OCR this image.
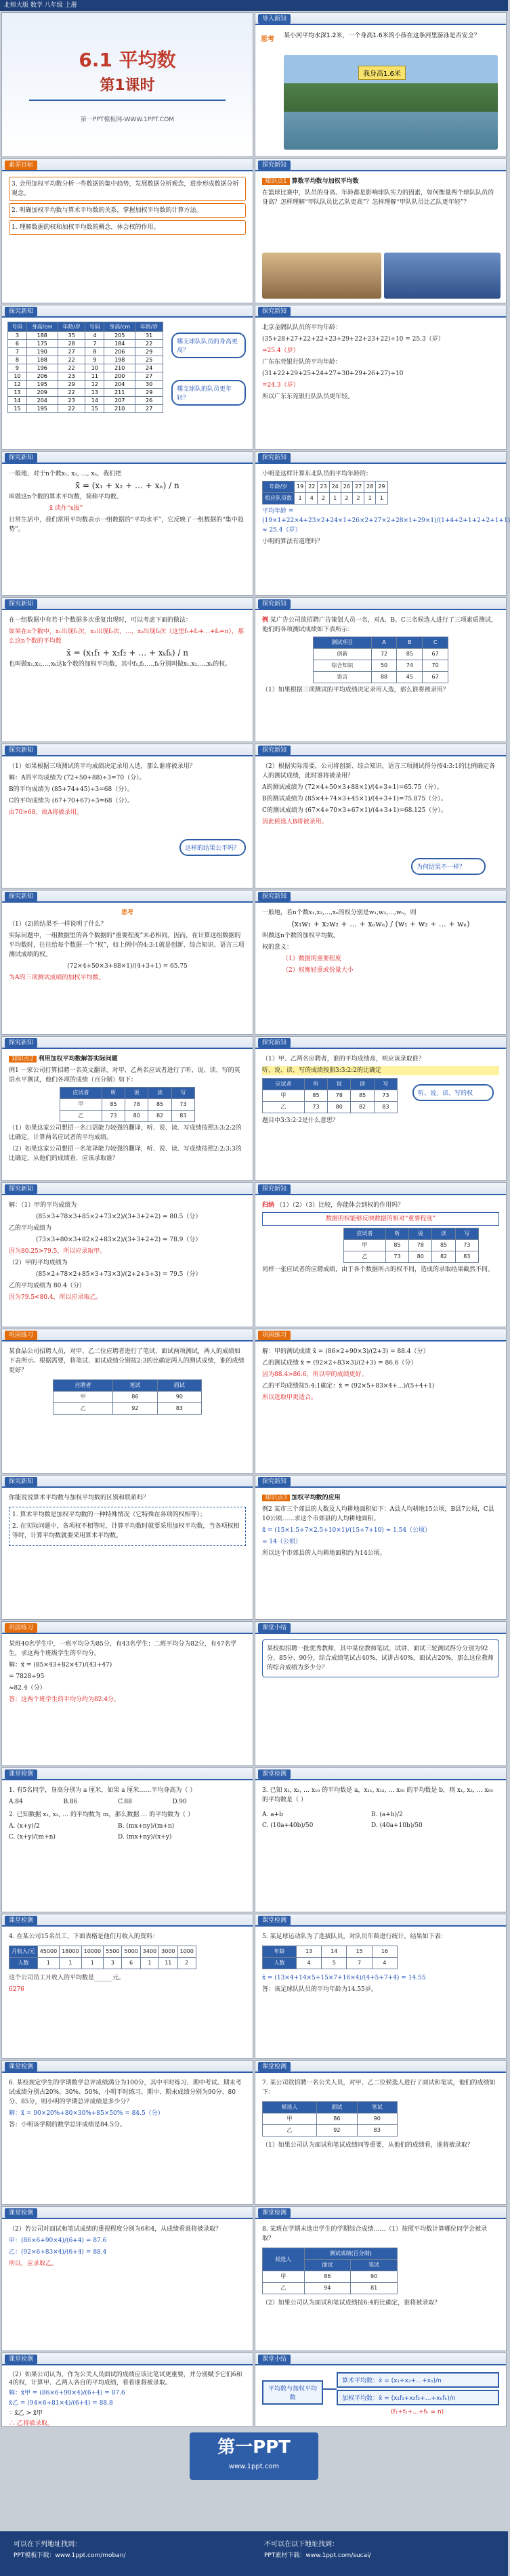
北师大版 数学 八年级 上册
6.1 平均数
第1课时
第一PPT模板网-WWW.1PPT.COM
导入新知
思考	某小河平均水深1.2米，一个身高1.6米的小孩在这条河里游泳是否安全？
我身高1.6米
素养目标

3. 会用加权平均数分析一些数据的集中趋势，发展数据分析观念，进步形成数据分析观念。

2. 明确加权平均数与算术平均数的关系，掌握加权平均数的计算方法。

1. 理解数据的权和加权平均数的概念，体会权的作用。

探究新知

知识点1 算数平均数与加权平均数

在篮球比赛中，队员的身高、年龄都是影响球队实力的因素，如何衡量两个球队队员的身高？怎样理解“甲队队员比乙队更高”？怎样理解“甲队队员比乙队更年轻”？

探究新知
号码	身高/cm	年龄/岁	号码	身高/cm	年龄/岁
3	188	35	4	205	31
6	175	28	7	184	22
7	190	27	8	206	29
8	188	22	9	198	25
9	196	22	10	210	24
10	206	23	11	200	27
12	195	29	12	204	30
13	209	22	13	211	29
14	204	23	14	207	26
15	195	22	15	210	27
哪支球队队员的身高更高？
哪支球队的队员更年轻？
探究新知

北京金隅队队员的平均年龄：

(35+28+27+22+22+23+29+22+23+22)÷10 = 25.3（岁）

=25.4（岁）

广东东莞银行队的平均年龄：

(31+22+29+25+24+27+30+29+26+27)÷10

=24.3（岁）

所以广东东莞银行队队员更年轻。

探究新知

一般地，对于n个数x₁, x₂, …, xₙ，我们把

x̄ = (x₁ + x₂ + … + xₙ) / n

叫做这n个数的算术平均数，简称平均数。

x̄ 读作“x拔”

日常生活中，我们常用平均数表示一组数据的“平均水平”，它反映了一组数据的“集中趋势”。

探究新知

小明是这样计算东北队员的平均年龄的：

年龄/岁	19	22	23	24	26	27	28	29
相应队员数	1	4	2	1	2	2	1	1

平均年龄 = (19×1+22×4+23×2+24×1+26×2+27×2+28×1+29×1)/(1+4+2+1+2+2+1+1) ≈ 25.4（岁）

小明的算法有道理吗？

探究新知

在一组数据中有若干个数据多次重复出现时，可以考虑下面的做法：

如果在n个数中，x₁出现f₁次，x₂出现f₂次，…，xₖ出现fₖ次（这里f₁+f₂+…+fₖ=n），那么这n个数的平均数

x̄ = (x₁f₁ + x₂f₂ + … + xₖfₖ) / n

也叫做x₁,x₂,…,xₖ这k个数的加权平均数，其中f₁,f₂,…,fₖ分别叫做x₁,x₂,…,xₖ的权。

探究新知

例 某广告公司欲招聘广告策划人员一名，对A、B、C三名候选人进行了三项素质测试，他们的各项测试成绩如下表所示：

测试项目	A	B	C
创新	72	85	67
综合知识	50	74	70
语言	88	45	67

（1）如果根据三项测试的平均成绩决定录用人选，那么谁将被录用？

探究新知

（1）如果根据三项测试的平均成绩决定录用人选，那么谁将被录用？

解：A的平均成绩为 (72+50+88)÷3=70（分）。

B的平均成绩为 (85+74+45)÷3=68（分）。

C的平均成绩为 (67+70+67)÷3=68（分）。

由70>68，故A将被录用。

这样的结果公平吗？
探究新知

（2）根据实际需要，公司将创新、综合知识、语言三项测试得分按4:3:1的比例确定各人的测试成绩，此时谁将被录用？

A的测试成绩为 (72×4+50×3+88×1)/(4+3+1)=65.75（分）。

B的测试成绩为 (85×4+74×3+45×1)/(4+3+1)=75.875（分）。

C的测试成绩为 (67×4+70×3+67×1)/(4+3+1)=68.125（分）。

因此候选人B将被录用。

为何结果不一样？
探究新知

思考

（1）(2)的结果不一样说明了什么？

实际问题中，一组数据里的各个数据的“重要程度”未必相同。因而，在计算这组数据的平均数时，往往给每个数据一个“权”，如上例中的4:3:1就是创新、综合知识、语言三项测试成绩的权。

(72×4+50×3+88×1)/(4+3+1) = 65.75

为A的三项测试成绩的加权平均数。

探究新知

一般地，若n个数x₁,x₂,…,xₙ的权分别是w₁,w₂,…,wₙ，则

(x₁w₁ + x₂w₂ + … + xₙwₙ) / (w₁ + w₂ + … + wₙ)

叫做这n个数的加权平均数。

权的意义：

（1）数据的重要程度

（2）权衡轻重或份量大小

探究新知

知识点2 利用加权平均数解答实际问题

例1 一家公司打算招聘一名英文翻译，对甲、乙两名应试者进行了听、说、读、写的英语水平测试，他们各项的成绩（百分制）如下：

应试者	听	说	读	写
甲	85	78	85	73
乙	73	80	82	83

（1）如果这家公司想招一名口语能力较强的翻译，听、说、读、写成绩按照3:3:2:2的比确定，计算两名应试者的平均成绩。

（2）如果这家公司想招一名笔译能力较强的翻译，听、说、读、写成绩按照2:2:3:3的比确定，从他们的成绩看，应该录取谁？

探究新知

（1）甲、乙两名应聘者，谁的平均成绩高，则应该录取谁？

听、说、读、写的成绩按照3:3:2:2的比确定

应试者	听	说	读	写
甲	85	78	85	73
乙	73	80	82	83

题目中3:3:2:2是什么意思？

听、说、读、写的权
探究新知

解：（1）甲的平均成绩为

(85×3+78×3+85×2+73×2)/(3+3+2+2) = 80.5（分）

乙的平均成绩为

(73×3+80×3+82×2+83×2)/(3+3+2+2) = 78.9（分）

因为80.25>79.5，所以应录取甲。

（2）甲的平均成绩为

(85×2+78×2+85×3+73×3)/(2+2+3+3) = 79.5（分）

乙的平均成绩为 80.4（分）

因为79.5<80.4，所以应录取乙。

探究新知

归纳 （1）（2）（3）比较，你能体会到权的作用吗？

数据的权能够反映数据的相对“重要程度”

应试者	听	说	读	写
甲	85	78	85	73
乙	73	80	82	83

同样一张应试者的应聘成绩，由于各个数据所占的权不同，造成的录取结果截然不同。

巩固练习

某食品公司招聘人员，对甲、乙二位应聘者进行了笔试、面试两项测试，两人的成绩如下表所示。根据需要，将笔试、面试成绩分别按2:3的比确定两人的测试成绩，谁的成绩更好？

应聘者	笔试	面试
甲	86	90
乙	92	83
巩固练习

解：甲的测试成绩 x̄ = (86×2+90×3)/(2+3) = 88.4（分）

乙的测试成绩 x̄ = (92×2+83×3)/(2+3) = 86.6（分）

因为88.4>86.6，所以甲的成绩更好。

乙的平均成绩按5:4:1确定：x̄ = (92×5+83×4+…)/(5+4+1)

所以选取甲更适合。

探究新知

你能说说算术平均数与加权平均数的区别和联系吗？

1. 算术平均数是加权平均数的一种特殊情况（它特殊在各项的权相等）；

2. 在实际问题中，各项权不相等时，计算平均数时就要采用加权平均数，当各项权相等时，计算平均数就要采用算术平均数。

探究新知

知识点3 加权平均数的应用

例2 某市三个郊县的人数及人均耕地面积如下：A县人均耕地15公顷，B县7公顷，C县10公顷……求这个市郊县的人均耕地面积。

x̄ = (15×1.5+7×2.5+10×1)/(15+7+10) ≈ 1.54（公顷）

≈ 14（公顷）

所以这个市郊县的人均耕地面积约为14公顷。

巩固练习

某班40名学生中，一班平均分为85分，有43名学生；二班平均分为82分，有47名学生，求这两个班级学生的平均分。

解：x̄ = (85×43+82×47)/(43+47)

= 7828÷95

≈82.4（分）

答：这两个班学生的平均分约为82.4分。

课堂小结

某校拟招聘一批优秀教师，其中某位教师笔试、试讲、面试三轮测试得分分别为92分、85分、90分，综合成绩笔试占40%，试讲占40%，面试占20%，那么这位教师的综合成绩为多少分？

课堂检测

1. 有5名同学，身高分别为 a 厘米，如果 a 厘米……平均身高为（ ）

A.84	B.86	C.88	D.90

2. 已知数据 x₁, x₂, … 的平均数为 m，那么数据 … 的平均数为（ ）

A. (x+y)/2	B. (mx+ny)/(m+n)C. (x+y)/(m+n)	D. (mx+ny)/(x+y)

课堂检测

3. 已知 x₁, x₂, … x₁₀ 的平均数是 a，x₁₁, x₁₂, … x₅₀ 的平均数是 b，则 x₁, x₂, … x₅₀ 的平均数是（ ）

A. a+b	B. (a+b)/2C. (10a+40b)/50	D. (40a+10b)/50

课堂检测

4. 在某公司15名员工，下面表格是他们月收入的资料：

月收入/元	45000	18000	10000	5500	5000	3400	3000	1000
人数	1	1	1	3	6	1	11	2

这个公司员工月收入的平均数是______元。

6276

课堂检测

5. 某足球运动队为了选拔队员，对队员年龄进行统计，结果如下表：

年龄	13	14	15	16
人数	4	5	7	4

x̄ = (13×4+14×5+15×7+16×4)/(4+5+7+4) = 14.55

答：该足球队队员的平均年龄为14.55岁。

课堂检测

6. 某校规定学生的学期数学总评成绩满分为100分，其中平时练习、期中考试、期末考试成绩分别占20%、30%、50%，小明平时练习、期中、期末成绩分别为90分、80分、85分，则小明的学期总评成绩是多少分？

解：x̄ = 90×20%+80×30%+85×50% = 84.5（分）

答：小明该学期的数学总评成绩是84.5分。

课堂检测

7. 某公司欲招聘一名公关人员，对甲、乙二位候选人进行了面试和笔试，他们的成绩如下：

候选人	面试	笔试
甲	86	90
乙	92	83

（1）如果公司认为面试和笔试成绩同等重要，从他们的成绩看，谁将被录取？

课堂检测

（2）若公司对面试和笔试成绩的重视程度分别为6和4，从成绩看谁将被录取？

甲：(86×6+90×4)/(6+4) = 87.6

乙：(92×6+83×4)/(6+4) = 88.4

所以，应录取乙。

课堂检测

8. 某班在学期末选出学生的学期综合成绩……（1）按照平均数计算哪位同学会被录取？

候选人	测试成绩(百分制)	
	面试	笔试
甲	86	90
乙	94	81

（2）如果公司认为面试和笔试成绩按6:4的比确定，谁将被录取？

课堂检测

（2）如果公司认为，作为公关人员面试的成绩应该比笔试更重要，并分别赋予它们6和4的权，计算甲、乙两人各自的平均成绩，看看谁将被录取。

解：x̄甲 = (86×6+90×4)/(6+4) = 87.6

x̄乙 = (94×6+81×4)/(6+4) = 88.8

∵ x̄乙 > x̄甲

∴ 乙将被录取。

课堂小结
平均数与加权平均数
算术平均数：x̄ = (x₁+x₂+…+xₙ)/n
加权平均数：x̄ = (x₁f₁+x₂f₂+…+xₖfₖ)/n
(f₁+f₂+…+fₖ = n)
第一PPT
www.1ppt.com
可以在下列地址找到：
PPT模板下载：www.1ppt.com/moban/
不可以在以下地址找到：
PPT素材下载：www.1ppt.com/sucai/
